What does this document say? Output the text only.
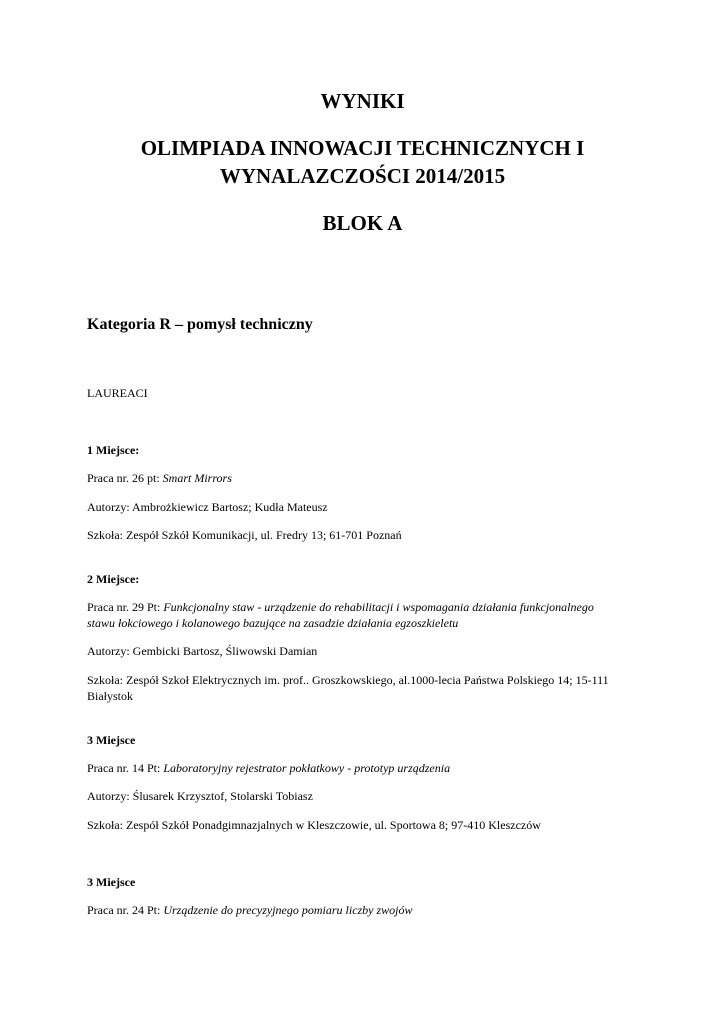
WYNIKI
OLIMPIADA INNOWACJI TECHNICZNYCH I
WYNALAZCZOŚCI 2014/2015
BLOK A
Kategoria R – pomysł techniczny

LAUREACI

1 Miejsce:

Praca nr. 26 pt: Smart Mirrors

Autorzy: Ambrożkiewicz Bartosz; Kudła Mateusz

Szkoła: Zespół Szkół Komunikacji, ul. Fredry 13; 61-701 Poznań

2 Miejsce:

Praca nr. 29 Pt: Funkcjonalny staw - urządzenie do rehabilitacji i wspomagania działania funkcjonalnego

stawu łokciowego i kolanowego bazujące na zasadzie działania egzoszkieletu

Autorzy: Gembicki Bartosz, Śliwowski Damian

Szkoła: Zespół Szkoł Elektrycznych im. prof.. Groszkowskiego, al.1000-lecia Państwa Polskiego 14; 15-111

Białystok

3 Miejsce

Praca nr. 14 Pt: Laboratoryjny rejestrator pokłatkowy - prototyp urządzenia

Autorzy: Ślusarek Krzysztof, Stolarski Tobiasz

Szkoła: Zespół Szkół Ponadgimnazjalnych w Kleszczowie, ul. Sportowa 8; 97-410 Kleszczów

3 Miejsce

Praca nr. 24 Pt: Urządzenie do precyzyjnego pomiaru liczby zwojów
